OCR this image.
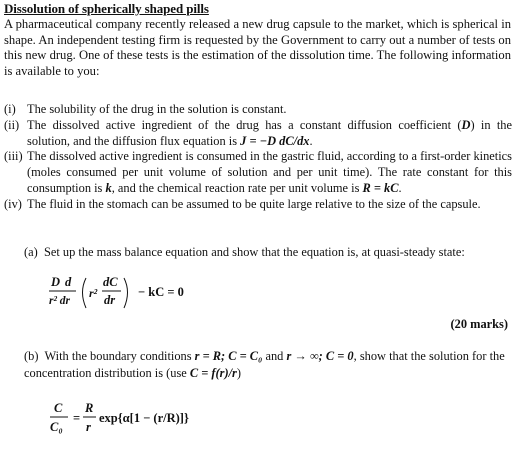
Dissolution of spherically shaped pills
A pharmaceutical company recently released a new drug capsule to the market, which is spherical in shape. An independent testing firm is requested by the Government to carry out a number of tests on this new drug. One of these tests is the estimation of the dissolution time. The following information is available to you:
(i) The solubility of the drug in the solution is constant.
(ii) The dissolved active ingredient of the drug has a constant diffusion coefficient (D) in the solution, and the diffusion flux equation is J = −D dC/dx.
(iii) The dissolved active ingredient is consumed in the gastric fluid, according to a first-order kinetics (moles consumed per unit volume of solution and per unit time). The rate constant for this consumption is k, and the chemical reaction rate per unit volume is R = kC.
(iv) The fluid in the stomach can be assumed to be quite large relative to the size of the capsule.
(a) Set up the mass balance equation and show that the equation is, at quasi-steady state:
D d
r² dr
r²
dC
dr
− kC = 0
(20 marks)
(b) With the boundary conditions r = R; C = C₀ and r → ∞; C = 0, show that the solution for the concentration distribution is (use C = f(r)/r)
C
C₀
=
R
r
exp{α[1 − (r/R)]}
